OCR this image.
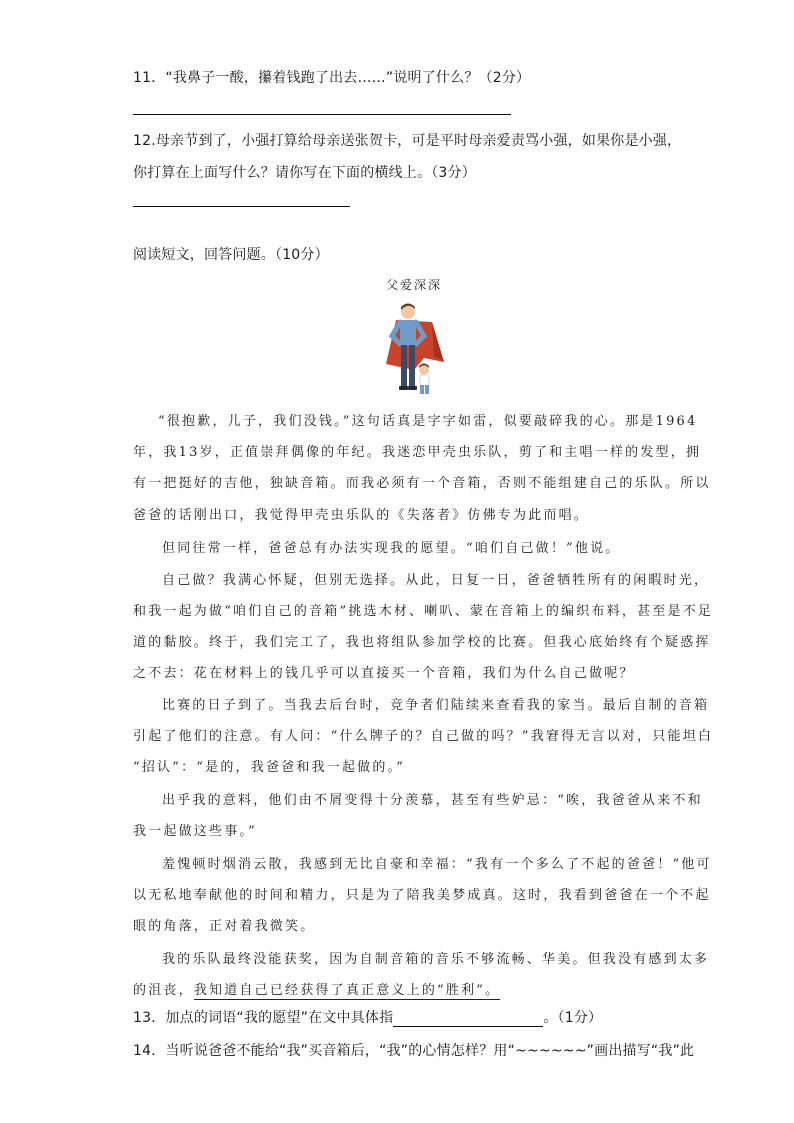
11．“我鼻子一酸，攥着钱跑了出去……”说明了什么？（2分）
12.母亲节到了，小强打算给母亲送张贺卡，可是平时母亲爱责骂小强，如果你是小强，
你打算在上面写什么？请你写在下面的横线上。（3分）
阅读短文，回答问题。（10分）
父爱深深
“很抱歉，儿子，我们没钱。”这句话真是字字如雷，似要敲碎我的心。那是1964
年，我13岁，正值崇拜偶像的年纪。我迷恋甲壳虫乐队，剪了和主唱一样的发型，拥
有一把挺好的吉他，独缺音箱。而我必须有一个音箱，否则不能组建自己的乐队。所以
爸爸的话刚出口，我觉得甲壳虫乐队的《失落者》仿佛专为此而唱。
但同往常一样，爸爸总有办法实现我的愿望。“咱们自己做！”他说。
自己做？我满心怀疑，但别无选择。从此，日复一日，爸爸牺牲所有的闲暇时光，
和我一起为做“咱们自己的音箱”挑选木材、喇叭、蒙在音箱上的编织布料，甚至是不足
道的黏胶。终于，我们完工了，我也将组队参加学校的比赛。但我心底始终有个疑惑挥
之不去：花在材料上的钱几乎可以直接买一个音箱，我们为什么自己做呢？
比赛的日子到了。当我去后台时，竞争者们陆续来查看我的家当。最后自制的音箱
引起了他们的注意。有人问：“什么牌子的？自己做的吗？”我窘得无言以对，只能坦白
“招认”：“是的，我爸爸和我一起做的。”
出乎我的意料，他们由不屑变得十分羡慕，甚至有些妒忌：“唉，我爸爸从来不和
我一起做这些事。”
羞愧顿时烟消云散，我感到无比自豪和幸福：“我有一个多么了不起的爸爸！”他可
以无私地奉献他的时间和精力，只是为了陪我美梦成真。这时，我看到爸爸在一个不起
眼的角落，正对着我微笑。
我的乐队最终没能获奖，因为自制音箱的音乐不够流畅、华美。但我没有感到太多
的沮丧，我知道自己已经获得了真正意义上的“胜利”。
13．加点的词语“我的愿望”在文中具体指	。（1分）
14．当听说爸爸不能给“我”买音箱后，“我”的心情怎样？用“~~~~~~”画出描写“我”此
